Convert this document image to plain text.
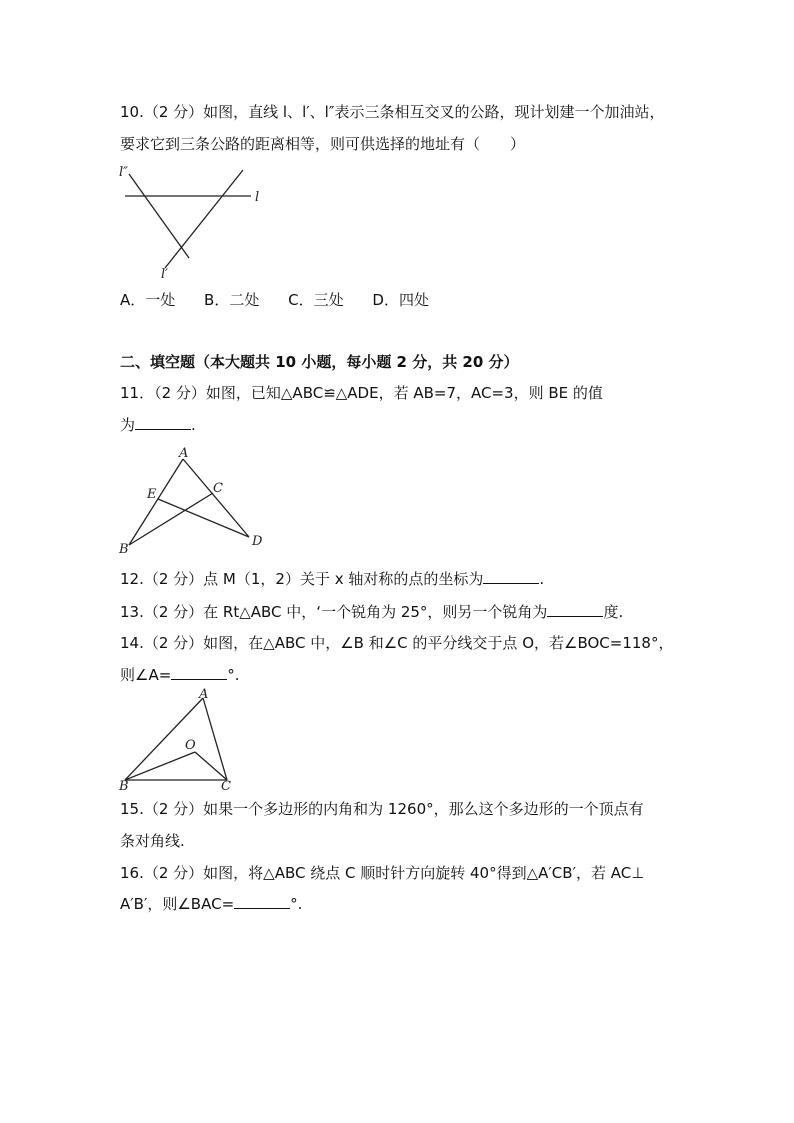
10.（2 分）如图，直线 l、l′、l″表示三条相互交叉的公路，现计划建一个加油站，
要求它到三条公路的距离相等，则可供选择的地址有（　　）
l″
l
l′
A．一处 B．二处 C．三处 D．四处
二、填空题（本大题共 10 小题，每小题 2 分，共 20 分）
11．（2 分）如图，已知△ABC≌△ADE，若 AB=7，AC=3，则 BE 的值
为	.
A
E	C
B
D
12.（2 分）点 M（1，2）关于 x 轴对称的点的坐标为	.
13.（2 分）在 Rt△ABC 中，‘一个锐角为 25°，则另一个锐角为	度.
14.（2 分）如图，在△ABC 中，∠B 和∠C 的平分线交于点 O，若∠BOC=118°，
则∠A=	°.
A
O
B	C
15.（2 分）如果一个多边形的内角和为 1260°，那么这个多边形的一个顶点有
条对角线.
16.（2 分）如图，将△ABC 绕点 C 顺时针方向旋转 40°得到△A′CB′，若 AC⊥
A′B′，则∠BAC=	°.
